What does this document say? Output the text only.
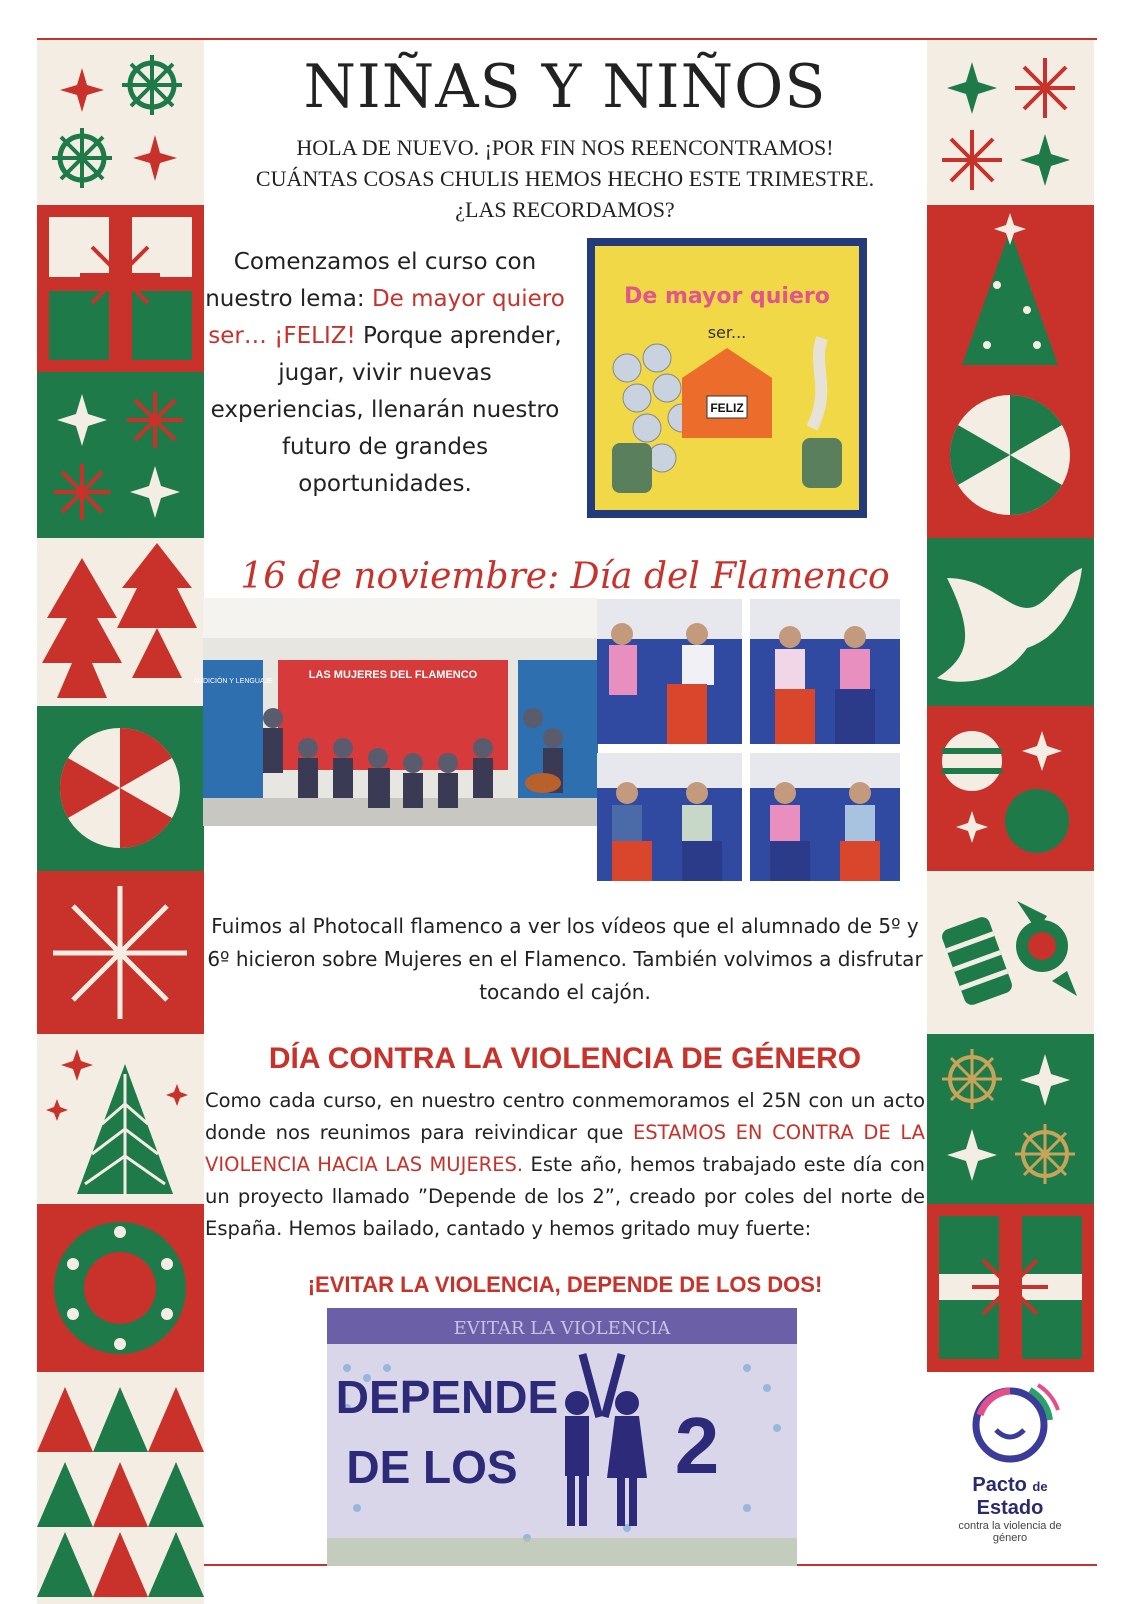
NIÑAS Y NIÑOS
HOLA DE NUEVO. ¡POR FIN NOS REENCONTRAMOS!
CUÁNTAS COSAS CHULIS HEMOS HECHO ESTE TRIMESTRE.
¿LAS RECORDAMOS?
Comenzamos el curso con nuestro lema: De mayor quiero ser… ¡FELIZ! Porque aprender, jugar, vivir nuevas experiencias, llenarán nuestro futuro de grandes oportunidades.
De mayor quiero
ser...
FELIZ
16 de noviembre: Día del Flamenco
AUDICIÓN Y LENGUAJE
LAS MUJERES DEL FLAMENCO
Fuimos al Photocall flamenco a ver los vídeos que el alumnado de 5º y 6º hicieron sobre Mujeres en el Flamenco. También volvimos a disfrutar tocando el cajón.
DÍA CONTRA LA VIOLENCIA DE GÉNERO
Como cada curso, en nuestro centro conmemoramos el 25N con un acto donde nos reunimos para reivindicar que ESTAMOS EN CONTRA DE LA VIOLENCIA HACIA LAS MUJERES. Este año, hemos trabajado este día con un proyecto llamado ”Depende de los 2”, creado por coles del norte de España. Hemos bailado, cantado y hemos gritado muy fuerte:
¡EVITAR LA VIOLENCIA, DEPENDE DE LOS DOS!
EVITAR LA VIOLENCIA
DEPENDE
DE LOS 2	Pacto de Estado
contra la violencia de género
